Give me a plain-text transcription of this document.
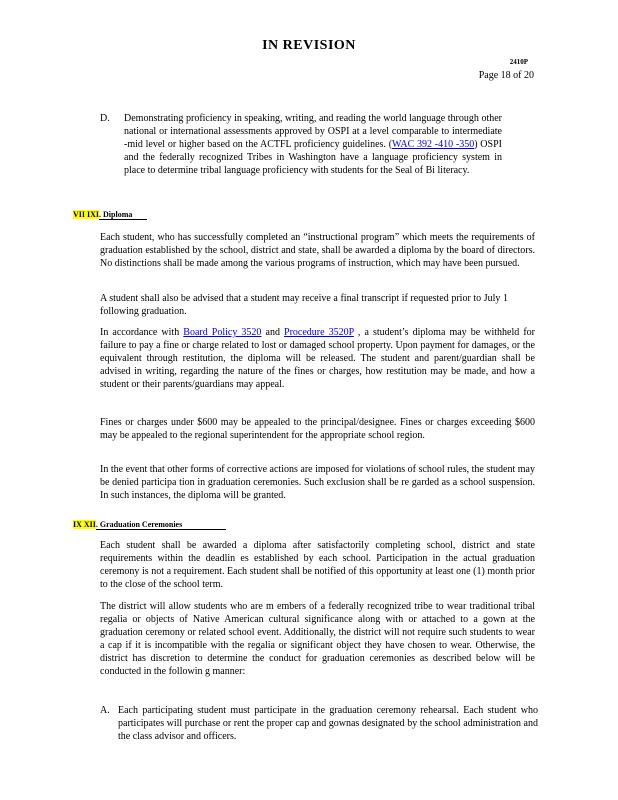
IN REVISION
2410P
Page 18 of 20
D.	Demonstrating proficiency in speaking, writing, and reading the world language through other national or international assessments approved by OSPI at a level comparable to intermediate -mid level or higher based on the ACTFL proficiency guidelines. (WAC 392 -410 -350) OSPI and the federally recognized Tribes in Washington have a language proficiency system in place to determine tribal language proficiency with students for the Seal of Bi literacy.
VII IXI. Diploma
Each student, who has successfully completed an “instructional program” which meets the requirements of graduation established by the school, district and state, shall be awarded a diploma by the board of directors. No distinctions shall be made among the various programs of instruction, which may have been pursued.
A student shall also be advised that a student may receive a final transcript if requested prior to July 1 following graduation.
In accordance with Board Policy 3520 and Procedure 3520P , a student’s diploma may be withheld for failure to pay a fine or charge related to lost or damaged school property. Upon payment for damages, or the equivalent through restitution, the diploma will be released. The student and parent/guardian shall be advised in writing, regarding the nature of the fines or charges, how restitution may be made, and how a student or their parents/guardians may appeal.
Fines or charges under $600 may be appealed to the principal/designee. Fines or charges exceeding $600 may be appealed to the regional superintendent for the appropriate school region.
In the event that other forms of corrective actions are imposed for violations of school rules, the student may be denied participa tion in graduation ceremonies. Such exclusion shall be re garded as a school suspension. In such instances, the diploma will be granted.
IX XII. Graduation Ceremonies
Each student shall be awarded a diploma after satisfactorily completing school, district and state requirements within the deadlin es established by each school. Participation in the actual graduation ceremony is not a requirement. Each student shall be notified of this opportunity at least one (1) month prior to the close of the school term.
The district will allow students who are m embers of a federally recognized tribe to wear traditional tribal regalia or objects of Native American cultural significance along with or attached to a gown at the graduation ceremony or related school event. Additionally, the district will not require such students to wear a cap if it is incompatible with the regalia or significant object they have chosen to wear. Otherwise, the district has discretion to determine the conduct for graduation ceremonies as described below will be conducted in the followin g manner:
A. Each participating student must participate in the graduation ceremony rehearsal. Each student who participates will purchase or rent the proper cap and gownas designated by the school administration and the class advisor and officers.
